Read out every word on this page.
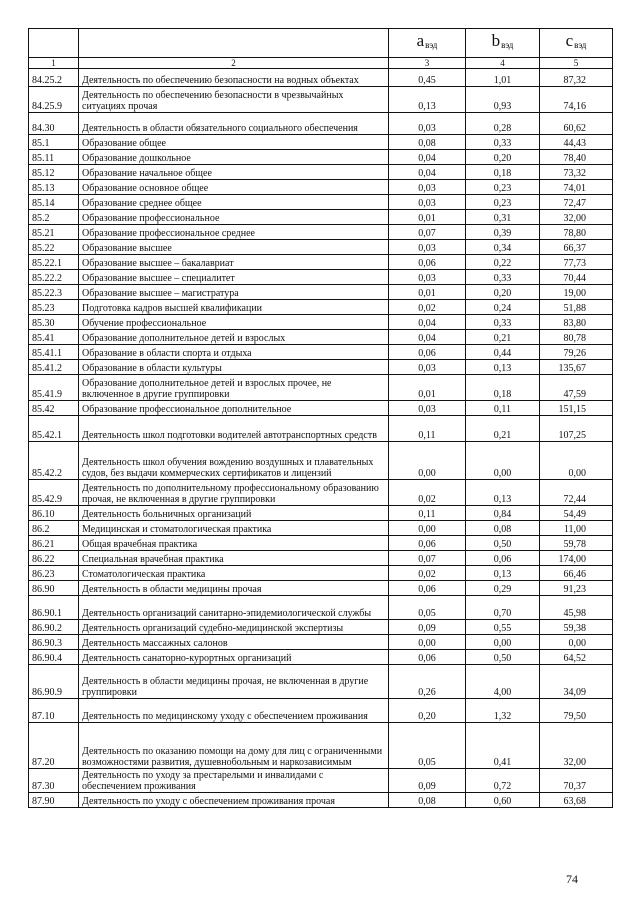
		$a_{вэд}$	$b_{вэд}$	$c_{вэд}$
1	2	3	4	5
84.25.2	Деятельность по обеспечению безопасности на водных объектах	0,45	1,01	87,32
84.25.9	Деятельность по обеспечению безопасности в чрезвычайных ситуациях прочая	0,13	0,93	74,16
84.30	Деятельность в области обязательного социального обеспечения	0,03	0,28	60,62
85.1	Образование общее	0,08	0,33	44,43
85.11	Образование дошкольное	0,04	0,20	78,40
85.12	Образование начальное общее	0,04	0,18	73,32
85.13	Образование основное общее	0,03	0,23	74,01
85.14	Образование среднее общее	0,03	0,23	72,47
85.2	Образование профессиональное	0,01	0,31	32,00
85.21	Образование профессиональное среднее	0,07	0,39	78,80
85.22	Образование высшее	0,03	0,34	66,37
85.22.1	Образование высшее – бакалавриат	0,06	0,22	77,73
85.22.2	Образование высшее – специалитет	0,03	0,33	70,44
85.22.3	Образование высшее – магистратура	0,01	0,20	19,00
85.23	Подготовка кадров высшей квалификации	0,02	0,24	51,88
85.30	Обучение профессиональное	0,04	0,33	83,80
85.41	Образование дополнительное детей и взрослых	0,04	0,21	80,78
85.41.1	Образование в области спорта и отдыха	0,06	0,44	79,26
85.41.2	Образование в области культуры	0,03	0,13	135,67
85.41.9	Образование дополнительное детей и взрослых прочее, не включенное в другие группировки	0,01	0,18	47,59
85.42	Образование профессиональное дополнительное	0,03	0,11	151,15
85.42.1	Деятельность школ подготовки водителей автотранспортных средств	0,11	0,21	107,25
85.42.2	Деятельность школ обучения вождению воздушных и плавательных судов, без выдачи коммерческих сертификатов и лицензий	0,00	0,00	0,00
85.42.9	Деятельность по дополнительному профессиональному образованию прочая, не включенная в другие группировки	0,02	0,13	72,44
86.10	Деятельность больничных организаций	0,11	0,84	54,49
86.2	Медицинская и стоматологическая практика	0,00	0,08	11,00
86.21	Общая врачебная практика	0,06	0,50	59,78
86.22	Специальная врачебная практика	0,07	0,06	174,00
86.23	Стоматологическая практика	0,02	0,13	66,46
86.90	Деятельность в области медицины прочая	0,06	0,29	91,23
86.90.1	Деятельность организаций санитарно-эпидемиологической службы	0,05	0,70	45,98
86.90.2	Деятельность организаций судебно-медицинской экспертизы	0,09	0,55	59,38
86.90.3	Деятельность массажных салонов	0,00	0,00	0,00
86.90.4	Деятельность санаторно-курортных организаций	0,06	0,50	64,52
86.90.9	Деятельность в области медицины прочая, не включенная в другие группировки	0,26	4,00	34,09
87.10	Деятельность по медицинскому уходу с обеспечением проживания	0,20	1,32	79,50
87.20	Деятельность по оказанию помощи на дому для лиц с ограниченными возможностями развития, душевнобольным и наркозависимым	0,05	0,41	32,00
87.30	Деятельность по уходу за престарелыми и инвалидами с обеспечением проживания	0,09	0,72	70,37
87.90	Деятельность по уходу с обеспечением проживания прочая	0,08	0,60	63,68
74
